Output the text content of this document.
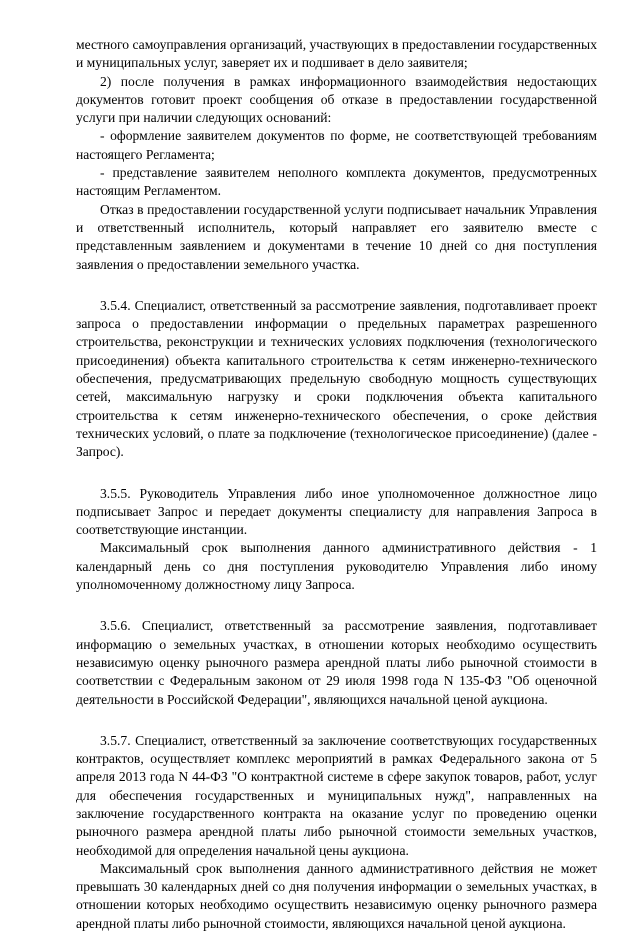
местного самоуправления организаций, участвующих в предоставлении государственных и муниципальных услуг, заверяет их и подшивает в дело заявителя;

2) после получения в рамках информационного взаимодействия недостающих документов готовит проект сообщения об отказе в предоставлении государственной услуги при наличии следующих оснований:

- оформление заявителем документов по форме, не соответствующей требованиям настоящего Регламента;

- представление заявителем неполного комплекта документов, предусмотренных настоящим Регламентом.

Отказ в предоставлении государственной услуги подписывает начальник Управления и ответственный исполнитель, который направляет его заявителю вместе с представленным заявлением и документами в течение 10 дней со дня поступления заявления о предоставлении земельного участка.

3.5.4. Специалист, ответственный за рассмотрение заявления, подготавливает проект запроса о предоставлении информации о предельных параметрах разрешенного строительства, реконструкции и технических условиях подключения (технологического присоединения) объекта капитального строительства к сетям инженерно-технического обеспечения, предусматривающих предельную свободную мощность существующих сетей, максимальную нагрузку и сроки подключения объекта капитального строительства к сетям инженерно-технического обеспечения, о сроке действия технических условий, о плате за подключение (технологическое присоединение) (далее - Запрос).

3.5.5. Руководитель Управления либо иное уполномоченное должностное лицо подписывает Запрос и передает документы специалисту для направления Запроса в соответствующие инстанции.

Максимальный срок выполнения данного административного действия - 1 календарный день со дня поступления руководителю Управления либо иному уполномоченному должностному лицу Запроса.

3.5.6. Специалист, ответственный за рассмотрение заявления, подготавливает информацию о земельных участках, в отношении которых необходимо осуществить независимую оценку рыночного размера арендной платы либо рыночной стоимости в соответствии с Федеральным законом от 29 июля 1998 года N 135-ФЗ "Об оценочной деятельности в Российской Федерации", являющихся начальной ценой аукциона.

3.5.7. Специалист, ответственный за заключение соответствующих государственных контрактов, осуществляет комплекс мероприятий в рамках Федерального закона от 5 апреля 2013 года N 44-ФЗ "О контрактной системе в сфере закупок товаров, работ, услуг для обеспечения государственных и муниципальных нужд", направленных на заключение государственного контракта на оказание услуг по проведению оценки рыночного размера арендной платы либо рыночной стоимости земельных участков, необходимой для определения начальной цены аукциона.

Максимальный срок выполнения данного административного действия не может превышать 30 календарных дней со дня получения информации о земельных участках, в отношении которых необходимо осуществить независимую оценку рыночного размера арендной платы либо рыночной стоимости, являющихся начальной ценой аукциона.
